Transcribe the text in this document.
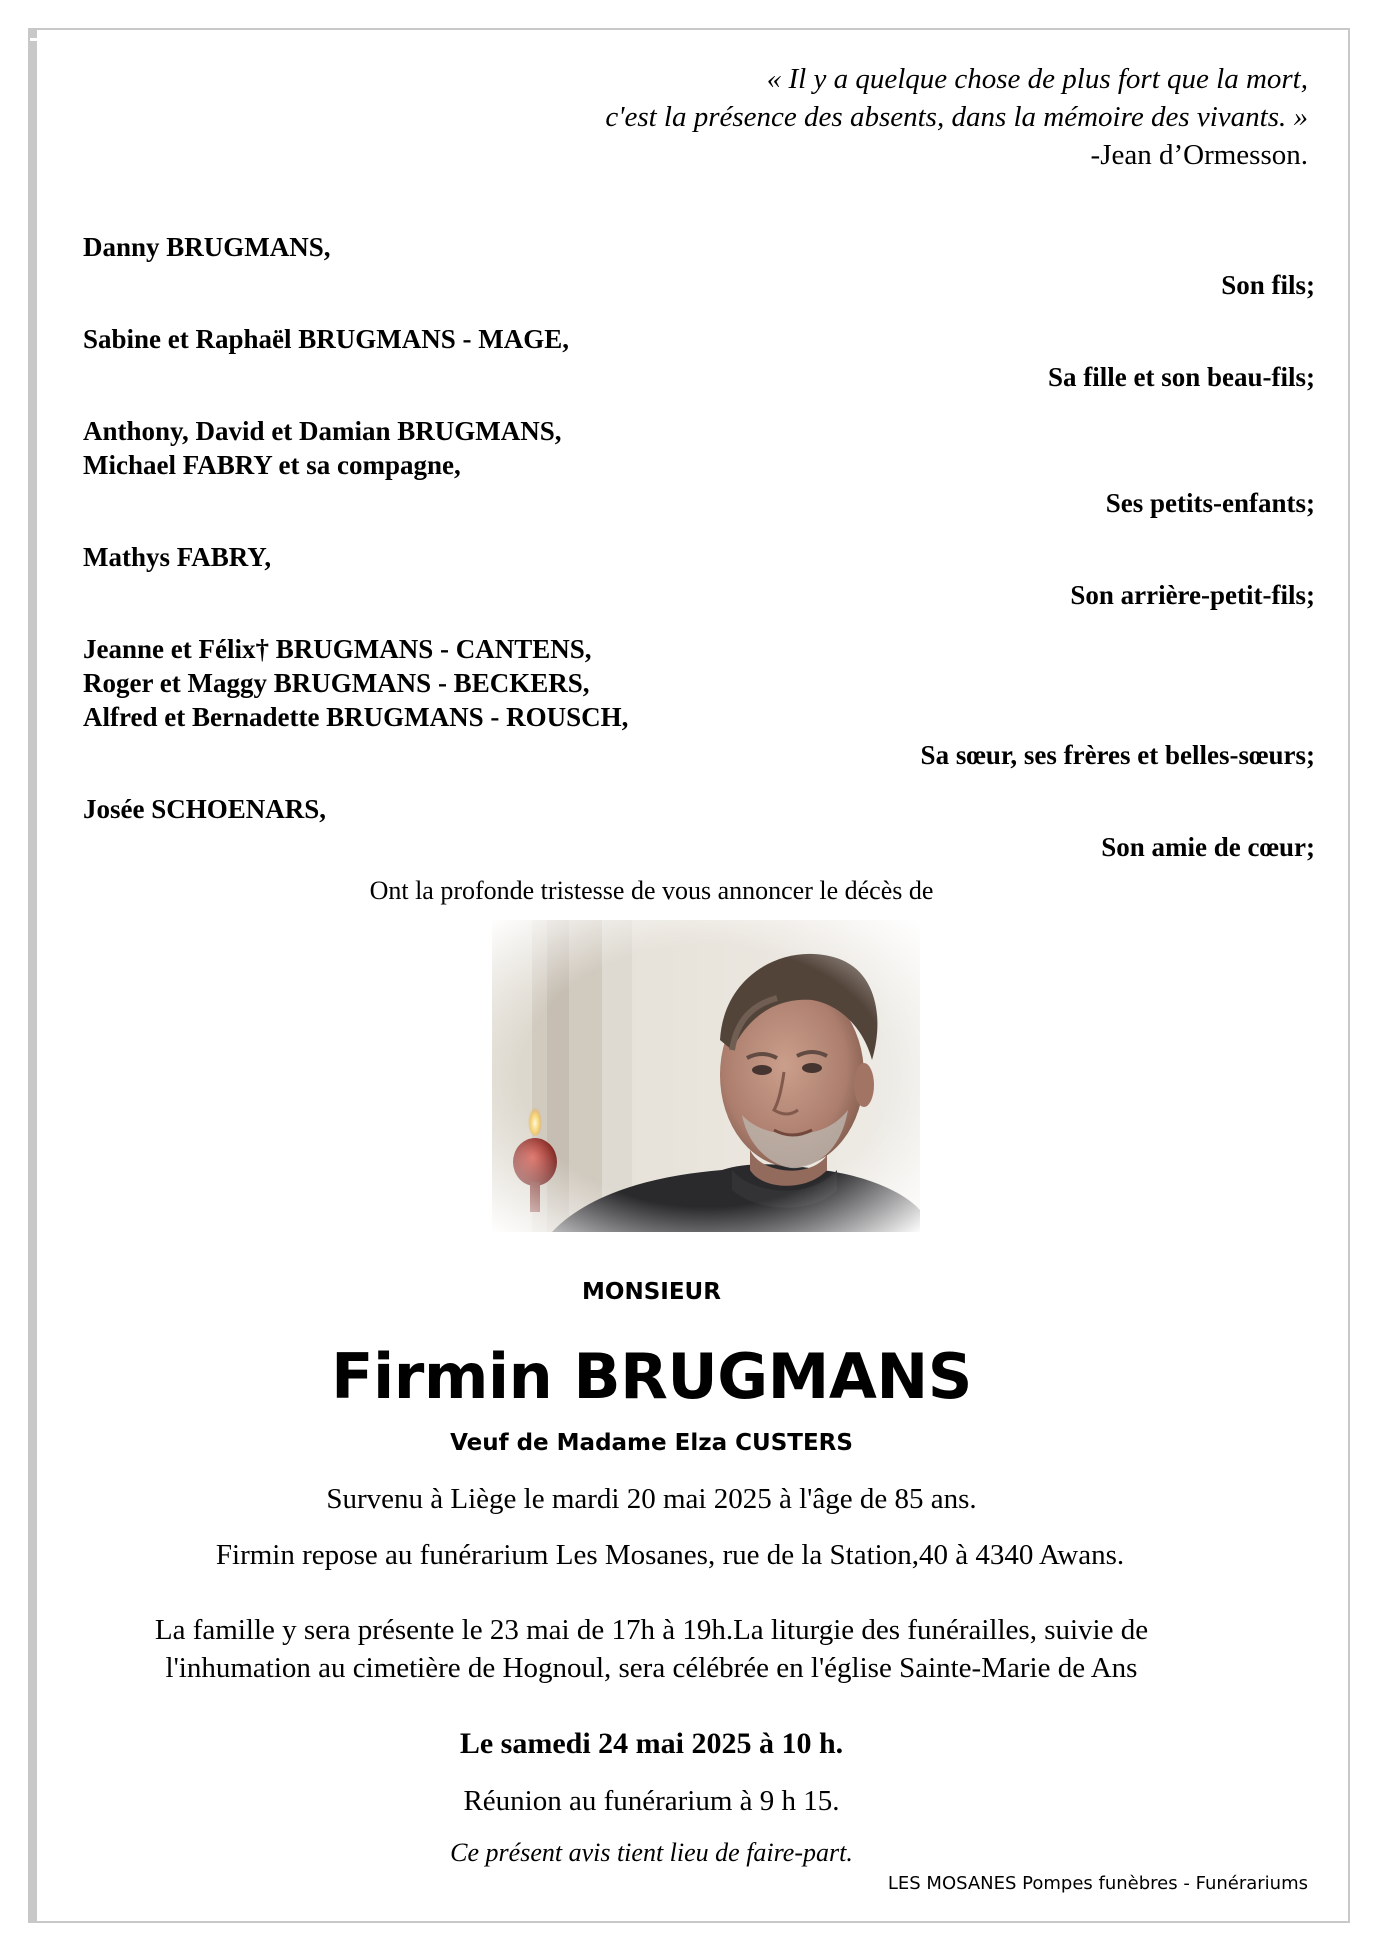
« Il y a quelque chose de plus fort que la mort,
c'est la présence des absents, dans la mémoire des vivants. »
-Jean d’Ormesson.
Danny BRUGMANS,
Son fils;
Sabine et Raphaël BRUGMANS - MAGE,
Sa fille et son beau-fils;
Anthony, David et Damian BRUGMANS,
Michael FABRY et sa compagne,
Ses petits-enfants;
Mathys FABRY,
Son arrière-petit-fils;
Jeanne et Félix† BRUGMANS - CANTENS,
Roger et Maggy BRUGMANS - BECKERS,
Alfred et Bernadette BRUGMANS - ROUSCH,
Sa sœur, ses frères et belles-sœurs;
Josée SCHOENARS,
Son amie de cœur;
Ont la profonde tristesse de vous annoncer le décès de
MONSIEUR
Firmin BRUGMANS
Veuf de Madame Elza CUSTERS
Survenu à Liège le mardi 20 mai 2025 à l'âge de 85 ans.
Firmin repose au funérarium Les Mosanes, rue de la Station,40 à 4340 Awans.
La famille y sera présente le 23 mai de 17h à 19h.La liturgie des funérailles, suivie de
l'inhumation au cimetière de Hognoul, sera célébrée en l'église Sainte-Marie de Ans
Le samedi 24 mai 2025 à 10 h.
Réunion au funérarium à 9 h 15.
Ce présent avis tient lieu de faire-part.
LES MOSANES Pompes funèbres - Funérariums
